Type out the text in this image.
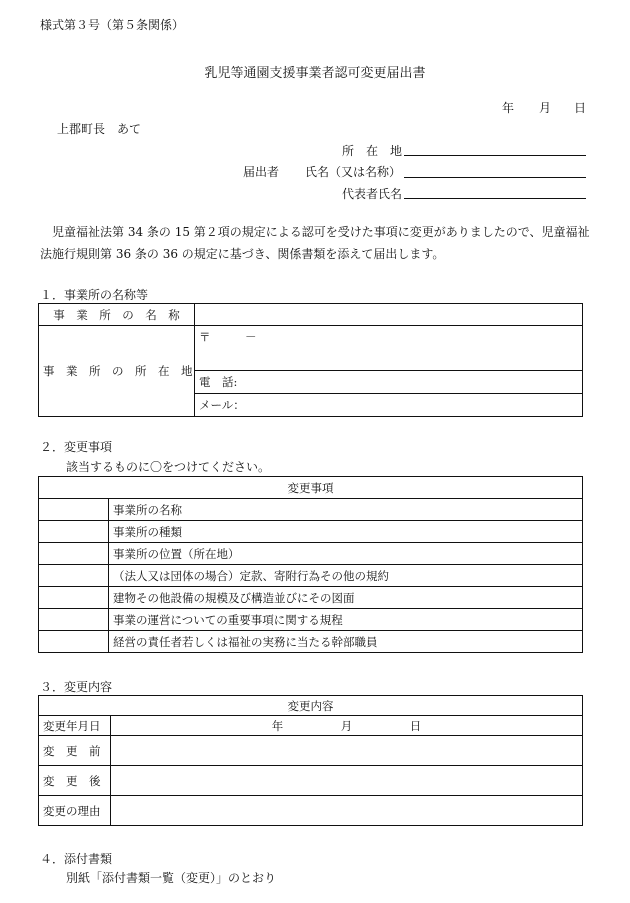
様式第３号（第５条関係）
乳児等通園支援事業者認可変更届出書
年 月 日
上郡町長　あて
所　在　地
届出者 氏名（又は名称）
代表者氏名
児童福祉法第 34 条の 15 第２項の規定による認可を受けた事項に変更がありましたので、児童福祉法施行規則第 36 条の 36 の規定に基づき、関係書類を添えて届出します。
１．事業所の名称等
事　業　所　の　名　称	
事　業　所　の　所　在　地	〒　　　－
	電　話:
	メール：
２．変更事項
該当するものに〇をつけてください。
変更事項	
	事業所の名称
	事業所の種類
	事業所の位置（所在地）
	（法人又は団体の場合）定款、寄附行為その他の規約
	建物その他設備の規模及び構造並びにその図面
	事業の運営についての重要事項に関する規程
	経営の責任者若しくは福祉の実務に当たる幹部職員
３．変更内容
変更内容	
変更年月日	年　　　　　月　　　　　日
変　更　前	
変　更　後	
変更の理由	
４．添付書類
別紙「添付書類一覧（変更）」のとおり
